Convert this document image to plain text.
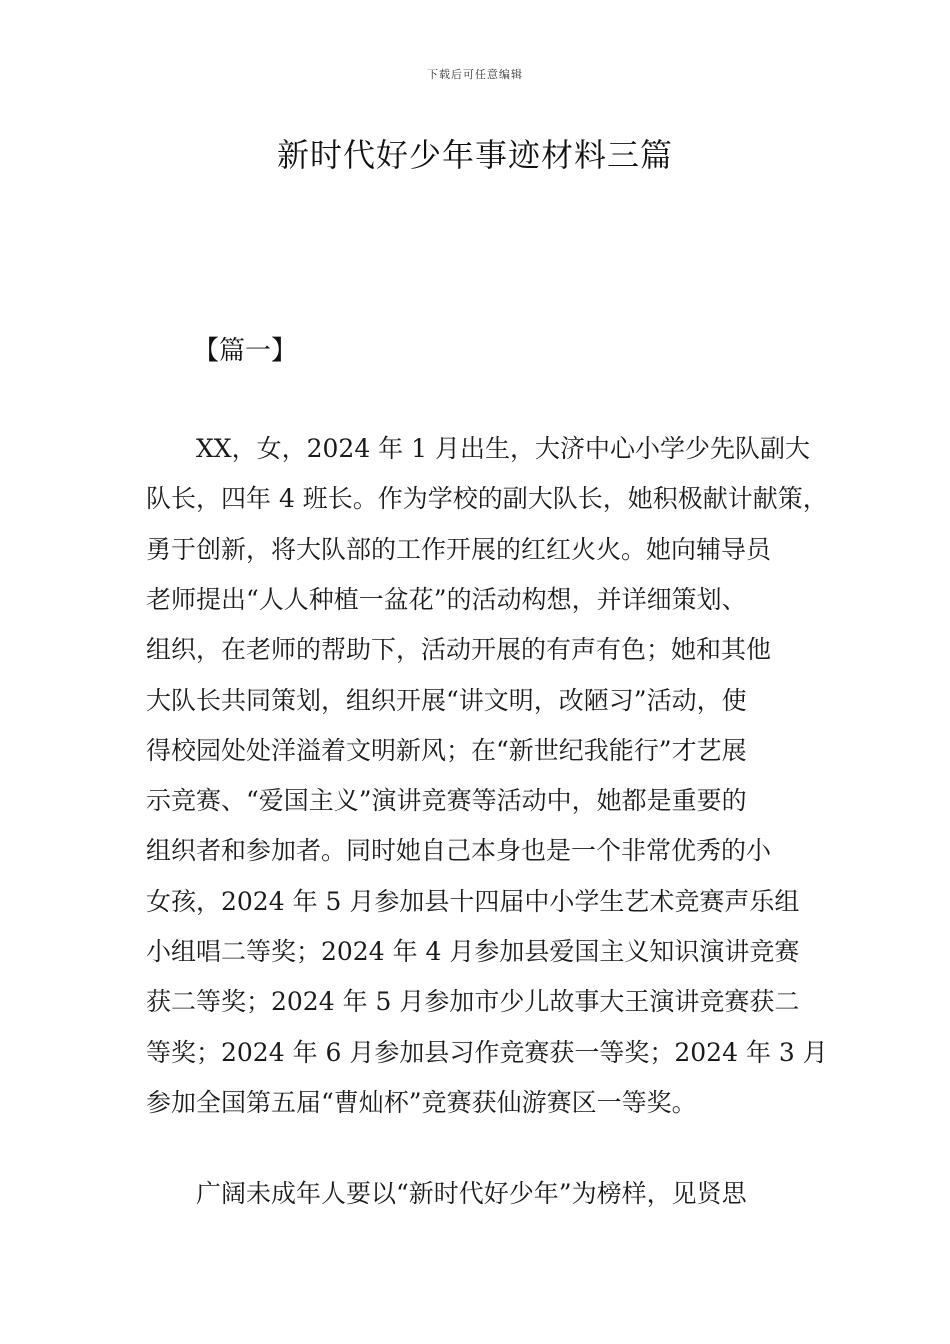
下载后可任意编辑
新时代好少年事迹材料三篇
【篇一】
XX，女，2024 年 1 月出生，大济中心小学少先队副大
队长，四年 4 班长。作为学校的副大队长，她积极献计献策，
勇于创新，将大队部的工作开展的红红火火。她向辅导员
老师提出“人人种植一盆花”的活动构想，并详细策划、
组织，在老师的帮助下，活动开展的有声有色；她和其他
大队长共同策划，组织开展“讲文明，改陋习”活动，使
得校园处处洋溢着文明新风；在“新世纪我能行”才艺展
示竞赛、“爱国主义”演讲竞赛等活动中，她都是重要的
组织者和参加者。同时她自己本身也是一个非常优秀的小
女孩，2024 年 5 月参加县十四届中小学生艺术竞赛声乐组
小组唱二等奖；2024 年 4 月参加县爱国主义知识演讲竞赛
获二等奖；2024 年 5 月参加市少儿故事大王演讲竞赛获二
等奖；2024 年 6 月参加县习作竞赛获一等奖；2024 年 3 月
参加全国第五届“曹灿杯”竞赛获仙游赛区一等奖。
广阔未成年人要以“新时代好少年”为榜样，见贤思
